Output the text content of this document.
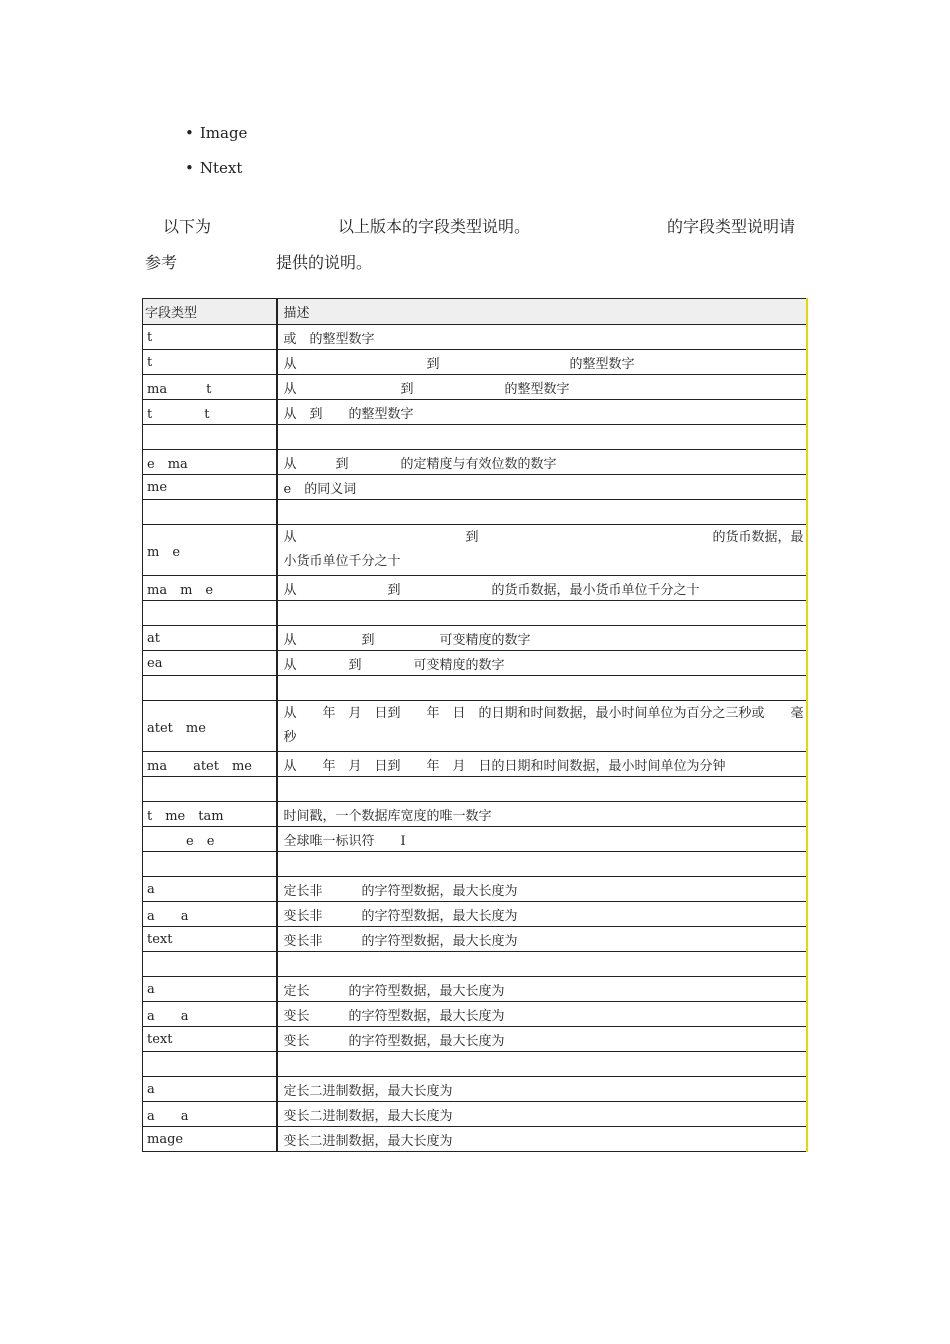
• Image
• Ntext
以下为	以上版本的字段类型说明。	的字段类型说明请
参考	提供的说明。
字段类型	描述
t	或　的整型数字
t	从　　　　　　　　　　到　　　　　　　　　　的整型数字
ma　　　t	从　　　　　　　　到　　　　　　　的整型数字
t　　　　t	从　到　　的整型数字

e　ma	从　　　到　　　　的定精度与有效位数的数字
me	e　的同义词

m　e	从　　　　　　　　　　　　　到　　　　　　　　　　　　　　　　　　的货币数据，最小货币单位千分之十
ma　m　e	从　　　　　　　到　　　　　　　的货币数据，最小货币单位千分之十

at	从　　　　　到　　　　　可变精度的数字
ea	从　　　　到　　　　可变精度的数字

atet　me	从　　年　月　日到　　年　日　的日期和时间数据，最小时间单位为百分之三秒或　　毫秒
ma　　atet　me	从　　年　月　日到　　年　月　日的日期和时间数据，最小时间单位为分钟

t　me　tam	时间戳，一个数据库宽度的唯一数字
　　　e　e	全球唯一标识符　　I

a	定长非　　　的字符型数据，最大长度为
a　　a	变长非　　　的字符型数据，最大长度为
text	变长非　　　的字符型数据，最大长度为

a	定长　　　的字符型数据，最大长度为
a　　a	变长　　　的字符型数据，最大长度为
text	变长　　　的字符型数据，最大长度为

a	定长二进制数据，最大长度为
a　　a	变长二进制数据，最大长度为
mage	变长二进制数据，最大长度为
